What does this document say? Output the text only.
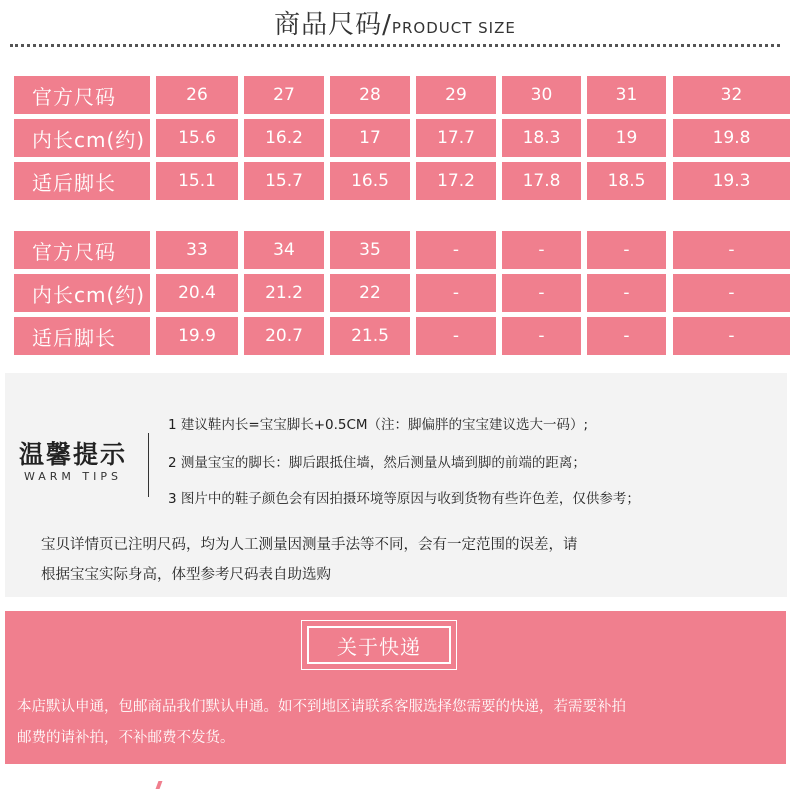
商品尺码/PRODUCT SIZE
官方尺码	26	27	28	29	30	31	32
内长cm(约)	15.6	16.2	17	17.7	18.3	19	19.8
适后脚长	15.1	15.7	16.5	17.2	17.8	18.5	19.3
官方尺码	33	34	35	-	-	-	-
内长cm(约)	20.4	21.2	22	-	-	-	-
适后脚长	19.9	20.7	21.5	-	-	-	-
温馨提示
WARM TIPS
1 建议鞋内长=宝宝脚长+0.5CM（注：脚偏胖的宝宝建议选大一码）;
2 测量宝宝的脚长：脚后跟抵住墙，然后测量从墙到脚的前端的距离；
3 图片中的鞋子颜色会有因拍摄环境等原因与收到货物有些许色差，仅供参考；
宝贝详情页已注明尺码，均为人工测量因测量手法等不同，会有一定范围的误差，请
根据宝宝实际身高，体型参考尺码表自助选购
关于快递
本店默认申通，包邮商品我们默认申通。如不到地区请联系客服选择您需要的快递，若需要补拍
邮费的请补拍，不补邮费不发货。
